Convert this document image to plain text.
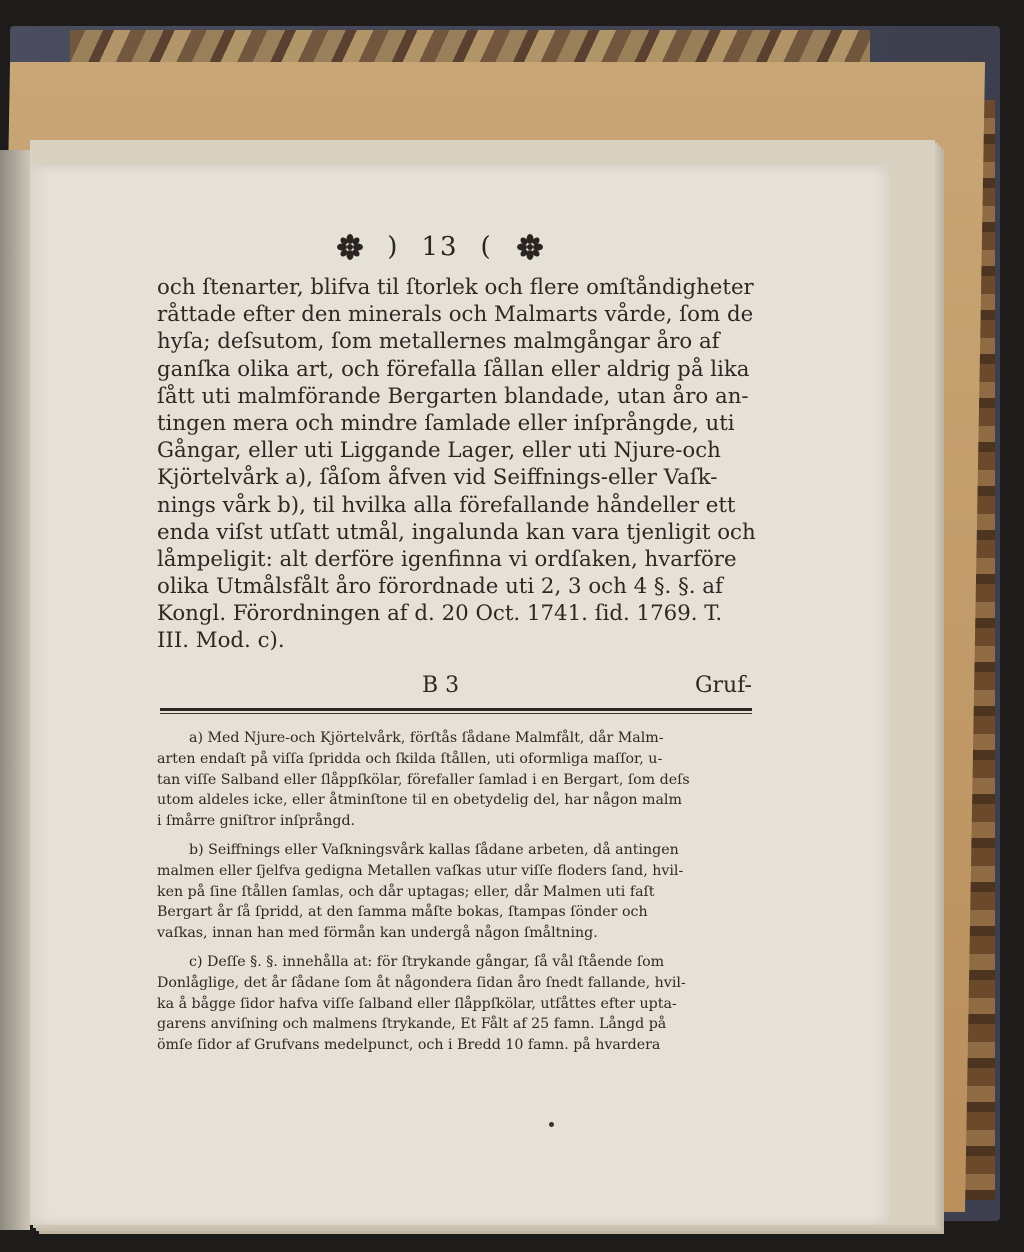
) 13 (
och ſtenarter, blifva til ſtorlek och flere omſtåndigheter
råttade efter den minerals och Malmarts vårde, ſom de
hyſa; deſsutom, ſom metallernes malmgångar åro af
ganſka olika art, och förefalla ſållan eller aldrig på lika
ſått uti malmförande Bergarten blandade, utan åro an-
tingen mera och mindre ſamlade eller inſprångde, uti
Gångar, eller uti Liggande Lager, eller uti Njure-och
Kjörtelvårk a), ſåſom åfven vid Seiffnings-eller Vaſk-
nings vårk b), til hvilka alla förefallande håndeller ett
enda viſst utſatt utmål, ingalunda kan vara tjenligit och
låmpeligit: alt derföre igenfinna vi ordſaken, hvarföre
olika Utmålsfålt åro förordnade uti 2, 3 och 4 §. §. af
Kongl. Förordningen af d. 20 Oct. 1741. ſid. 1769. T.
III. Mod. c).
B 3	Gruf-
a) Med Njure-och Kjörtelvårk, förſtås ſådane Malmfålt, dår Malm-
arten endaſt på viſſa ſpridda och ſkilda ſtållen, uti oformliga maſſor, u-
tan viſſe Salband eller ſlåppſkölar, förefaller ſamlad i en Bergart, ſom deſs
utom aldeles icke, eller åtminſtone til en obetydelig del, har någon malm
i ſmårre gniſtror inſprångd.
b) Seiffnings eller Vaſkningsvårk kallas ſådane arbeten, då antingen
malmen eller ſjelfva gedigna Metallen vaſkas utur viſſe floders ſand, hvil-
ken på ſine ſtållen ſamlas, och dår uptagas; eller, dår Malmen uti faſt
Bergart år ſå ſpridd, at den ſamma måſte bokas, ſtampas ſönder och
vaſkas, innan han med förmån kan undergå någon ſmåltning.
c) Deſſe §. §. innehålla at: för ſtrykande gångar, ſå vål ſtående ſom
Donlåglige, det år ſådane ſom åt någondera ſidan åro ſnedt fallande, hvil-
ka å bågge ſidor hafva viſſe ſalband eller ſlåppſkölar, utſåttes efter upta-
garens anviſning och malmens ſtrykande, Et Fålt af 25 famn. Långd på
ömſe ſidor af Grufvans medelpunct, och i Bredd 10 famn. på hvardera
